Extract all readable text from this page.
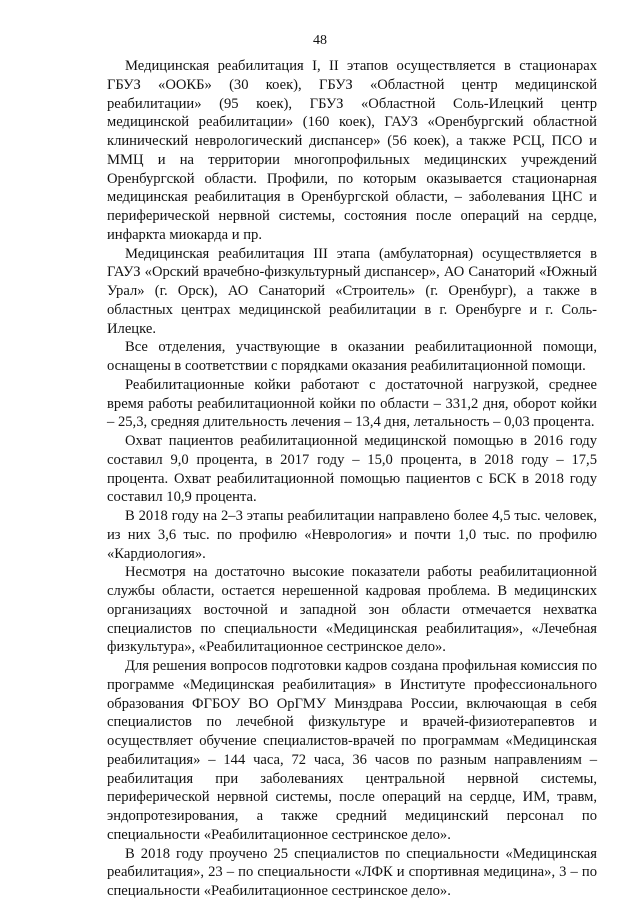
48

Медицинская реабилитация I, II этапов осуществляется в стационарах ГБУЗ «ООКБ» (30 коек), ГБУЗ «Областной центр медицинской реабилитации» (95 коек), ГБУЗ «Областной Соль-Илецкий центр медицинской реабилитации» (160 коек), ГАУЗ «Оренбургский областной клинический неврологический диспансер» (56 коек), а также РСЦ, ПСО и ММЦ и на территории многопрофильных медицинских учреждений Оренбургской области. Профили, по которым оказывается стационарная медицинская реабилитация в Оренбургской области, – заболевания ЦНС и периферической нервной системы, состояния после операций на сердце, инфаркта миокарда и пр.

Медицинская реабилитация III этапа (амбулаторная) осуществляется в ГАУЗ «Орский врачебно-физкультурный диспансер», АО Санаторий «Южный Урал» (г. Орск), АО Санаторий «Строитель» (г. Оренбург), а также в областных центрах медицинской реабилитации в г. Оренбурге и г. Соль-Илецке.

Все отделения, участвующие в оказании реабилитационной помощи, оснащены в соответствии с порядками оказания реабилитационной помощи.

Реабилитационные койки работают с достаточной нагрузкой, среднее время работы реабилитационной койки по области – 331,2 дня, оборот койки – 25,3, средняя длительность лечения – 13,4 дня, летальность – 0,03 процента.

Охват пациентов реабилитационной медицинской помощью в 2016 году составил 9,0 процента, в 2017 году – 15,0 процента, в 2018 году – 17,5 процента. Охват реабилитационной помощью пациентов с БСК в 2018 году составил 10,9 процента.

В 2018 году на 2–3 этапы реабилитации направлено более 4,5 тыс. человек, из них 3,6 тыс. по профилю «Неврология» и почти 1,0 тыс. по профилю «Кардиология».

Несмотря на достаточно высокие показатели работы реабилитационной службы области, остается нерешенной кадровая проблема. В медицинских организациях восточной и западной зон области отмечается нехватка специалистов по специальности «Медицинская реабилитация», «Лечебная физкультура», «Реабилитационное сестринское дело».

Для решения вопросов подготовки кадров создана профильная комиссия по программе «Медицинская реабилитация» в Институте профессионального образования ФГБОУ ВО ОрГМУ Минздрава России, включающая в себя специалистов по лечебной физкультуре и врачей-физиотерапевтов и осуществляет обучение специалистов-врачей по программам «Медицинская реабилитация» – 144 часа, 72 часа, 36 часов по разным направлениям – реабилитация при заболеваниях центральной нервной системы, периферической нервной системы, после операций на сердце, ИМ, травм, эндопротезирования, а также средний медицинский персонал по специальности «Реабилитационное сестринское дело».

В 2018 году проучено 25 специалистов по специальности «Медицинская реабилитация», 23 – по специальности «ЛФК и спортивная медицина», 3 – по специальности «Реабилитационное сестринское дело».
